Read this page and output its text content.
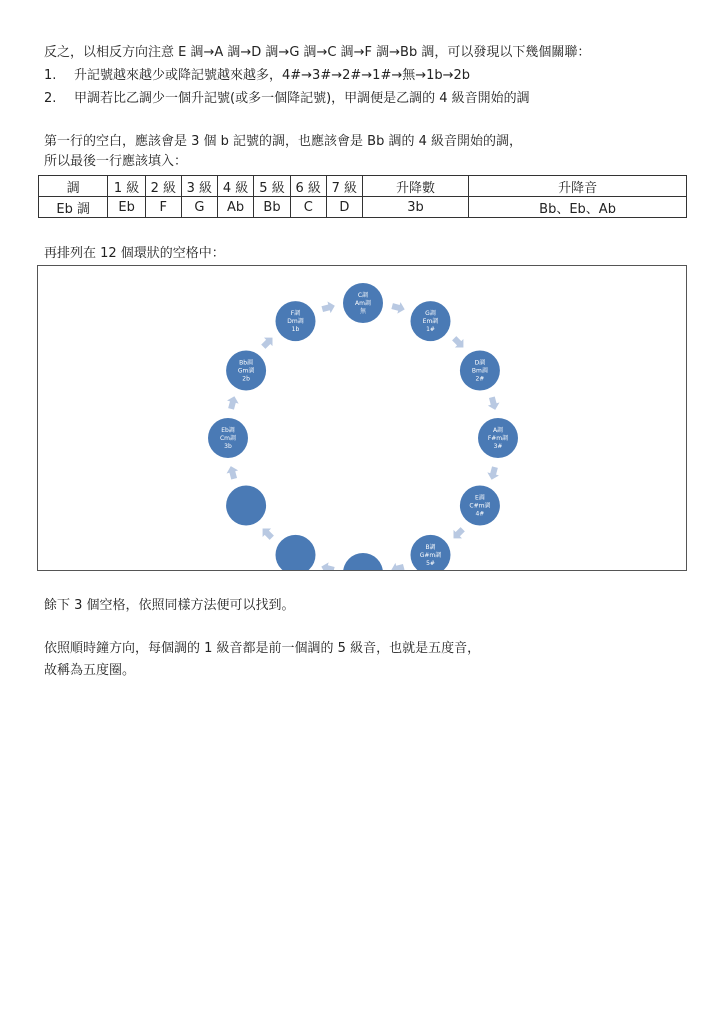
反之，以相反方向注意 E 調→A 調→D 調→G 調→C 調→F 調→Bb 調，可以發現以下幾個關聯：
1. 升記號越來越少或降記號越來越多，4#→3#→2#→1#→無→1b→2b
2. 甲調若比乙調少一個升記號(或多一個降記號)，甲調便是乙調的 4 級音開始的調
第一行的空白，應該會是 3 個 b 記號的調，也應該會是 Bb 調的 4 級音開始的調，
所以最後一行應該填入：
調	1 級	2 級	3 級	4 級	5 級	6 級	7 級	升降數	升降音
Eb 調	Eb	F	G	Ab	Bb	C	D	3b	Bb、Eb、Ab
再排列在 12 個環狀的空格中：
C調
Am調
無	G調
Em調
1#
D調
Bm調
2#
A調
F#m調
3#
E調
C#m調
4#
B調
G#m調
5#
Eb調
Cm調
3b
Bb調
Gm調
2b
F調
Dm調
1b
餘下 3 個空格，依照同樣方法便可以找到。
依照順時鐘方向，每個調的 1 級音都是前一個調的 5 級音，也就是五度音，
故稱為五度圈。
